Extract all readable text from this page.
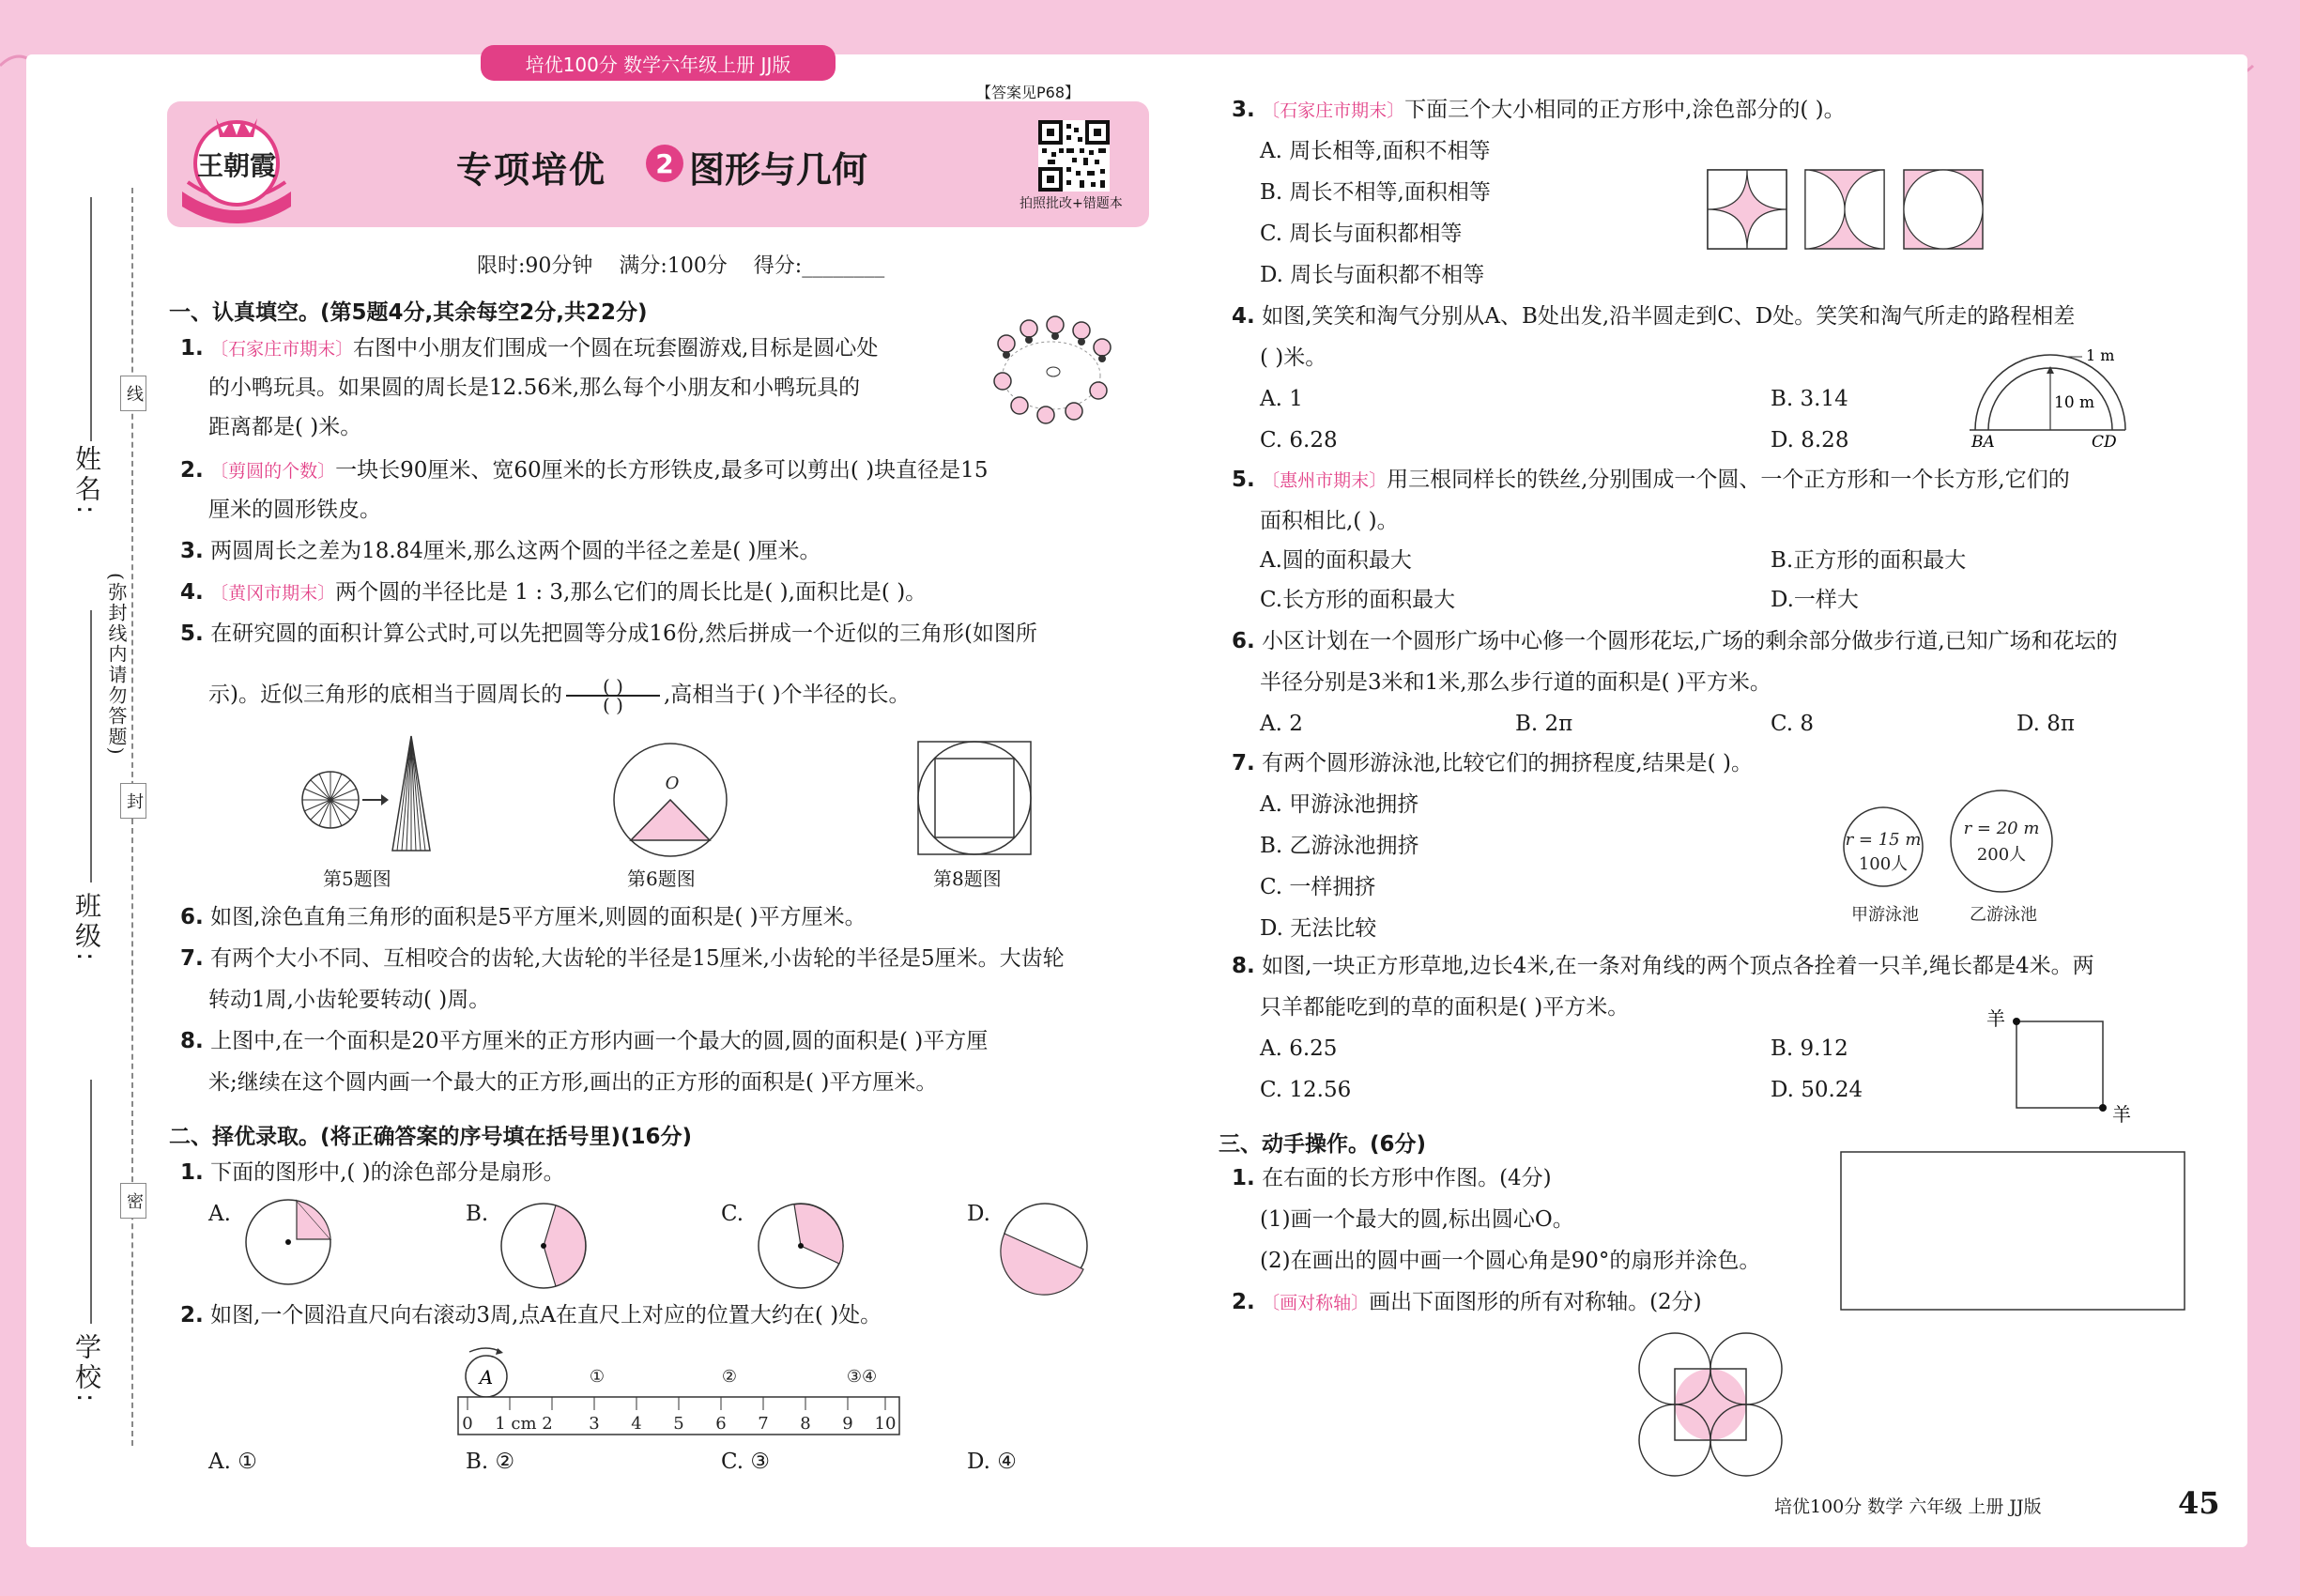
培优100分 数学六年级上册 JJ版
【答案见P68】
姓名:
班级:
学校:
线
封
密
(弥封线内请勿答题)
王朝霞	专项培优	2 图形与几何
拍照批改+错题本
限时:90分钟 满分:100分 得分:________
一、认真填空。(第5题4分,其余每空2分,共22分)
1. 〔石家庄市期末〕右图中小朋友们围成一个圆在玩套圈游戏,目标是圆心处
的小鸭玩具。如果圆的周长是12.56米,那么每个小朋友和小鸭玩具的
距离都是( )米。
2. 〔剪圆的个数〕一块长90厘米、宽60厘米的长方形铁皮,最多可以剪出( )块直径是15
厘米的圆形铁皮。
3. 两圆周长之差为18.84厘米,那么这两个圆的半径之差是( )厘米。
4. 〔黄冈市期末〕两个圆的半径比是 1 : 3,那么它们的周长比是( ),面积比是( )。
5. 在研究圆的面积计算公式时,可以先把圆等分成16份,然后拼成一个近似的三角形(如图所
示)。近似三角形的底相当于圆周长的 $\frac{( )}{( )}$ ,高相当于( )个半径的长。
第5题图
O
第6题图	第8题图
6. 如图,涂色直角三角形的面积是5平方厘米,则圆的面积是( )平方厘米。
7. 有两个大小不同、互相咬合的齿轮,大齿轮的半径是15厘米,小齿轮的半径是5厘米。大齿轮
转动1周,小齿轮要转动( )周。
8. 上图中,在一个面积是20平方厘米的正方形内画一个最大的圆,圆的面积是( )平方厘
米;继续在这个圆内画一个最大的正方形,画出的正方形的面积是( )平方厘米。
二、择优录取。(将正确答案的序号填在括号里)(16分)
1. 下面的图形中,( )的涂色部分是扇形。
A.	B.	C.	D.
2. 如图,一个圆沿直尺向右滚动3周,点A在直尺上对应的位置大约在( )处。
A
0 1 cm 2 3 4 5 6 7 8 9 10
①	②	③④
A. ①	B. ②	C. ③	D. ④
3. 〔石家庄市期末〕下面三个大小相同的正方形中,涂色部分的( )。
A. 周长相等,面积不相等
B. 周长不相等,面积相等
C. 周长与面积都相等
D. 周长与面积都不相等
4. 如图,笑笑和淘气分别从A、B处出发,沿半圆走到C、D处。笑笑和淘气所走的路程相差
( )米。
A. 1	B. 3.14
C. 6.28	D. 8.28
1 m
10 m
BA	CD
5. 〔惠州市期末〕用三根同样长的铁丝,分别围成一个圆、一个正方形和一个长方形,它们的
面积相比,( )。
A.圆的面积最大	B.正方形的面积最大
C.长方形的面积最大	D.一样大
6. 小区计划在一个圆形广场中心修一个圆形花坛,广场的剩余部分做步行道,已知广场和花坛的
半径分别是3米和1米,那么步行道的面积是( )平方米。
A. 2	B. 2π	C. 8	D. 8π
7. 有两个圆形游泳池,比较它们的拥挤程度,结果是( )。
A. 甲游泳池拥挤
B. 乙游泳池拥挤
C. 一样拥挤
D. 无法比较
r = 15 m
100人
r = 20 m
200人
甲游泳池	乙游泳池
8. 如图,一块正方形草地,边长4米,在一条对角线的两个顶点各拴着一只羊,绳长都是4米。两
只羊都能吃到的草的面积是( )平方米。
A. 6.25	B. 9.12
C. 12.56	D. 50.24
羊
羊
三、动手操作。(6分)
1. 在右面的长方形中作图。(4分)
(1)画一个最大的圆,标出圆心O。
(2)在画出的圆中画一个圆心角是90°的扇形并涂色。
2. 〔画对称轴〕画出下面图形的所有对称轴。(2分)
培优100分 数学 六年级 上册 JJ版	45
